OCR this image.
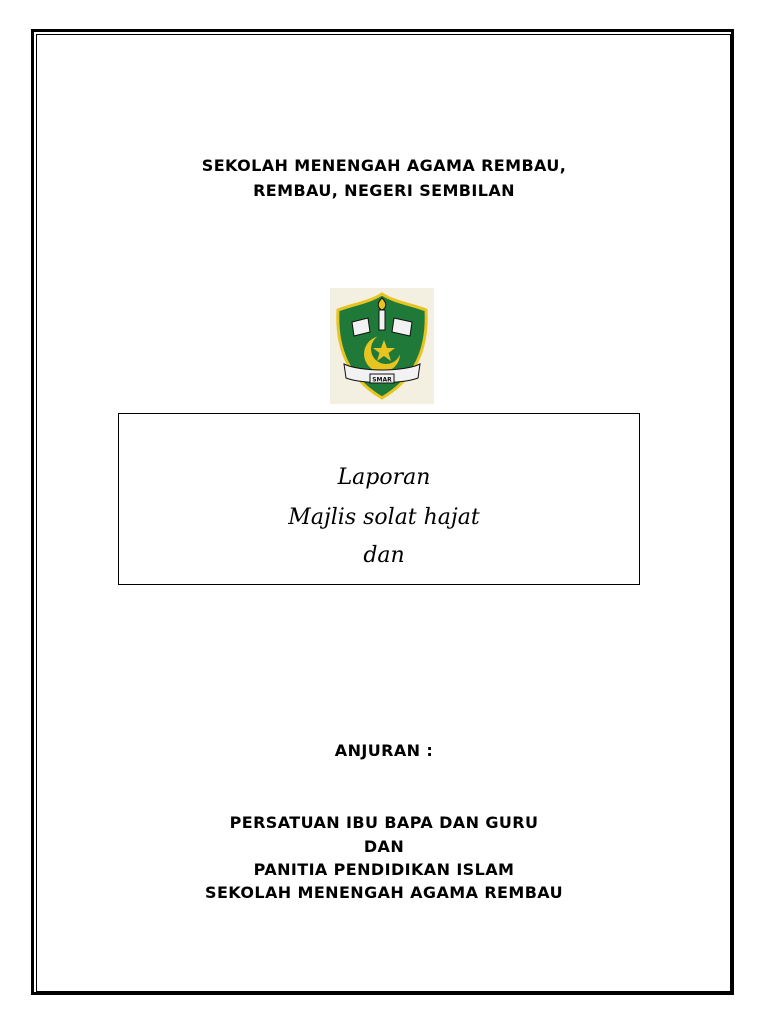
SEKOLAH MENENGAH AGAMA REMBAU,
REMBAU, NEGERI SEMBILAN
SMAR
Laporan
Majlis solat hajat
dan
ANJURAN :
PERSATUAN IBU BAPA DAN GURU
DAN
PANITIA PENDIDIKAN ISLAM
SEKOLAH MENENGAH AGAMA REMBAU
